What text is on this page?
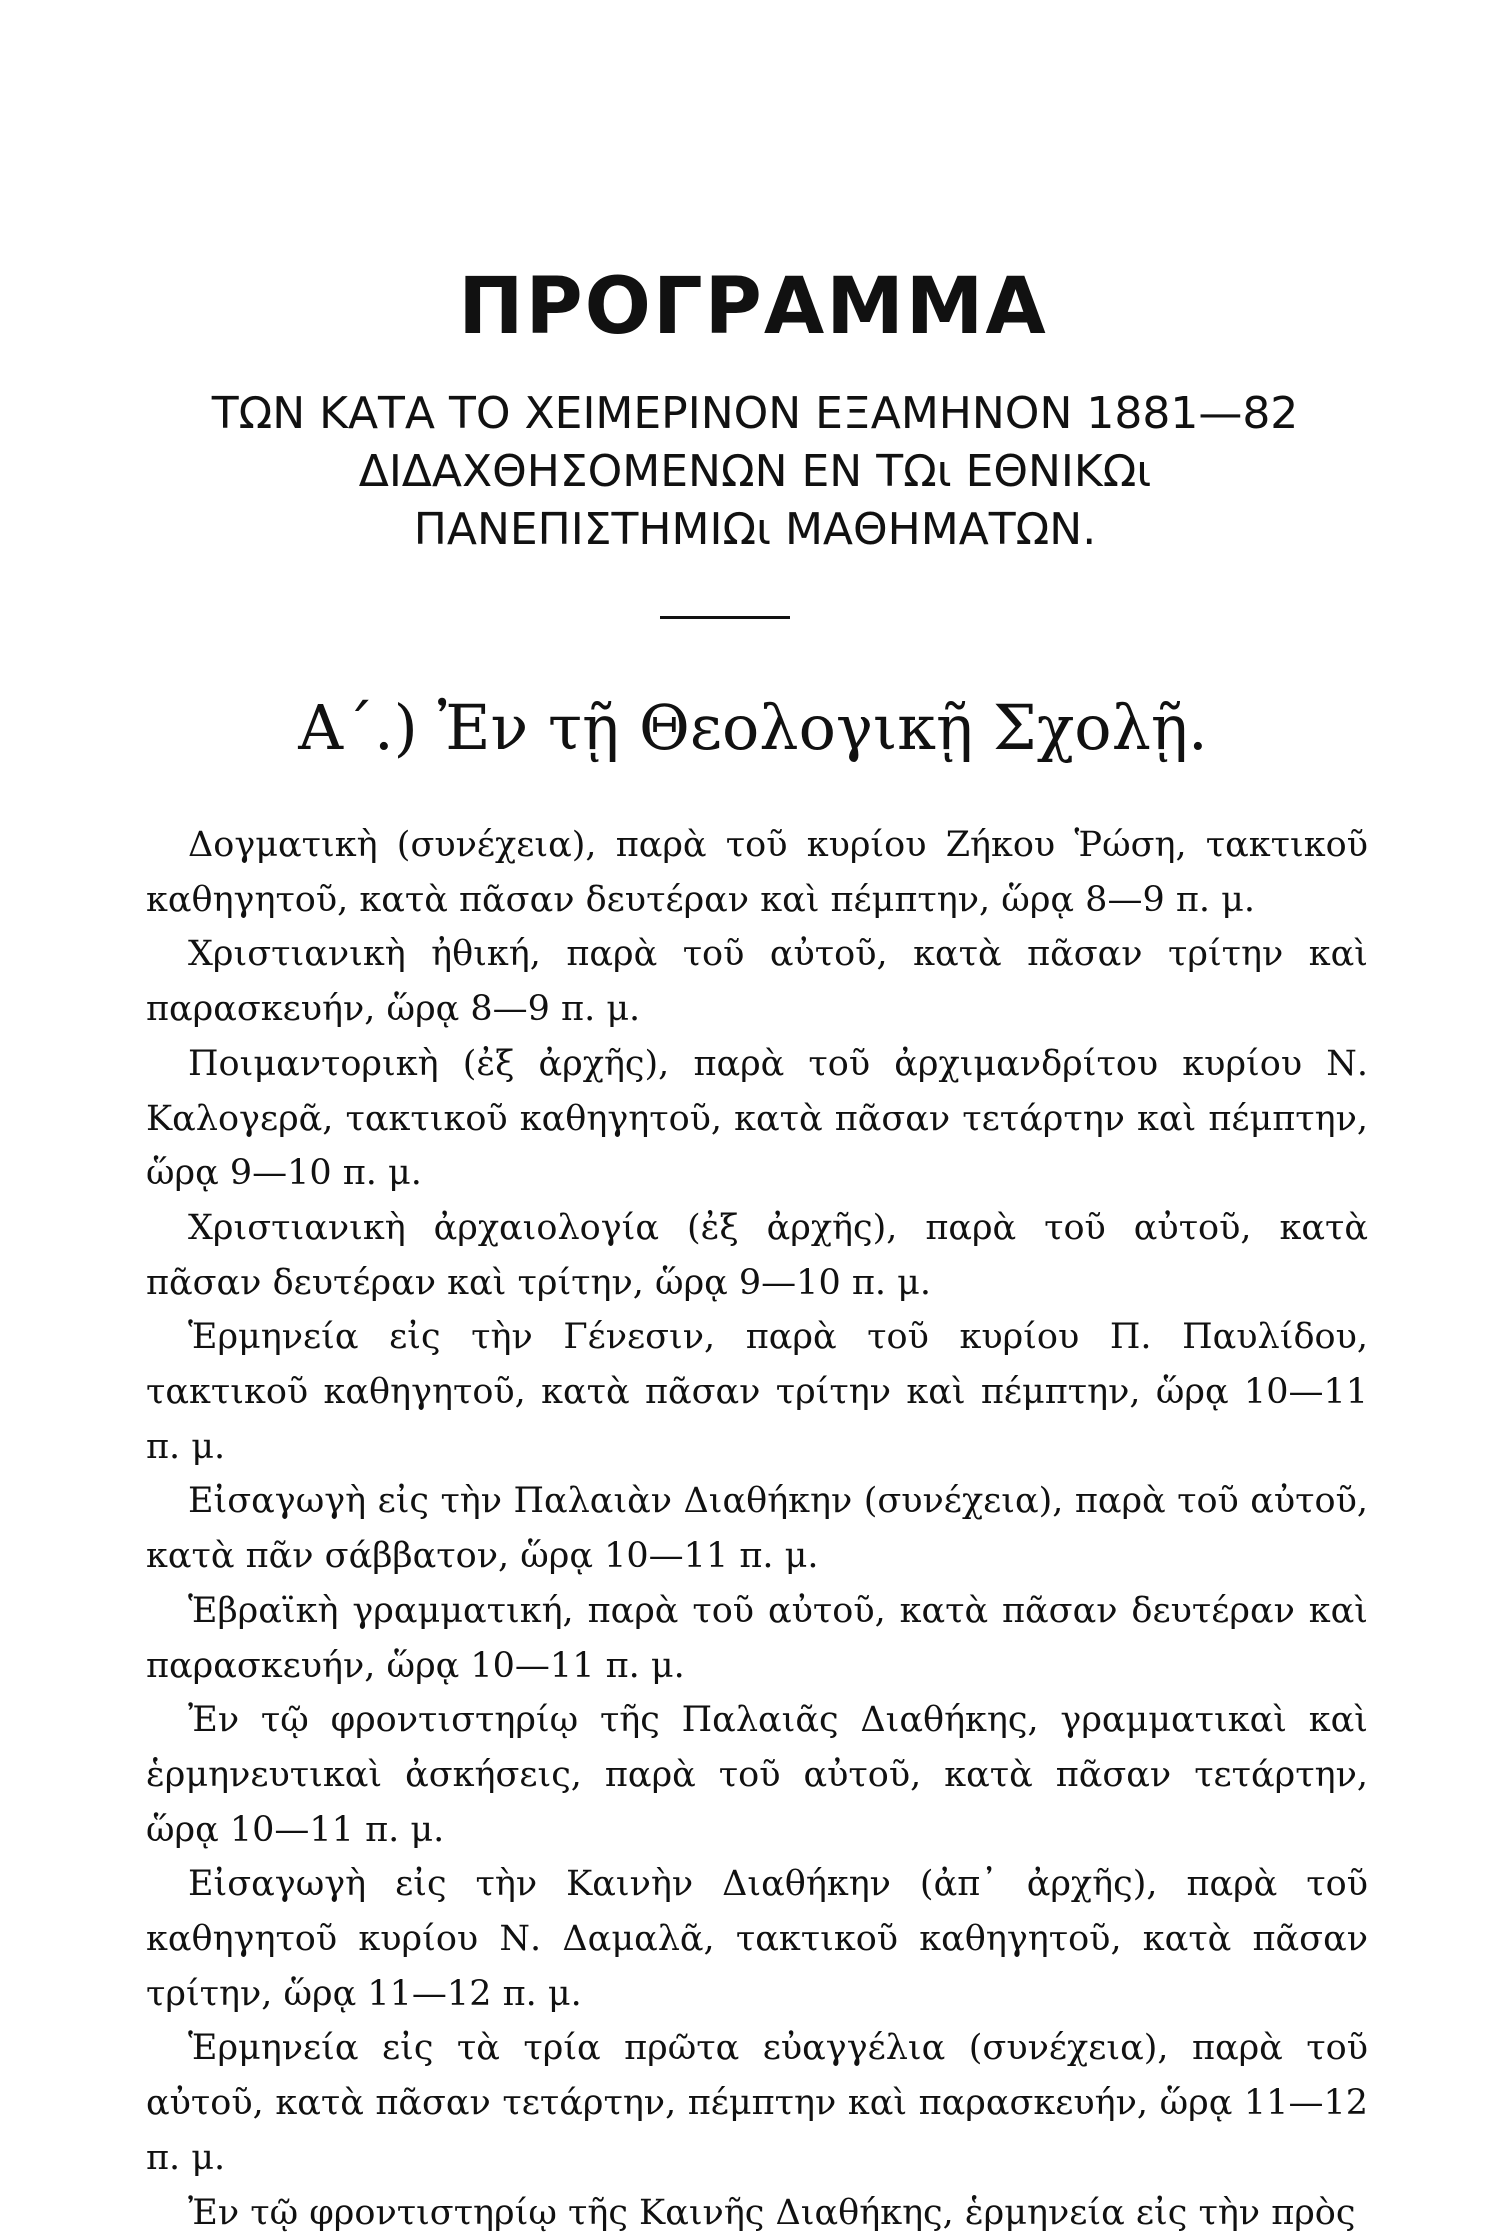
ΠΡΟΓΡΑΜΜΑ
ΤΩΝ ΚΑΤΑ ΤΟ ΧΕΙΜΕΡΙΝΟΝ ΕΞΑΜΗΝΟΝ 1881—82
ΔΙΔΑΧΘΗΣΟΜΕΝΩΝ ΕΝ ΤΩι ΕΘΝΙΚΩι
ΠΑΝΕΠΙΣΤΗΜΙΩι ΜΑΘΗΜΑΤΩΝ.
Α΄.) Ἐν τῇ Θεολογικῇ Σχολῇ.

Δογματικὴ (συνέχεια), παρὰ τοῦ κυρίου Ζήκου Ῥώση, τακτικοῦ καθηγητοῦ, κατὰ πᾶσαν δευτέραν καὶ πέμπτην, ὥρᾳ 8—9 π. μ.

Χριστιανικὴ ἠθική, παρὰ τοῦ αὐτοῦ, κατὰ πᾶσαν τρίτην καὶ παρασκευήν, ὥρᾳ 8—9 π. μ.

Ποιμαντορικὴ (ἐξ ἀρχῆς), παρὰ τοῦ ἀρχιμανδρίτου κυρίου Ν. Καλογερᾶ, τακτικοῦ καθηγητοῦ, κατὰ πᾶσαν τετάρτην καὶ πέμπτην, ὥρᾳ 9—10 π. μ.

Χριστιανικὴ ἀρχαιολογία (ἐξ ἀρχῆς), παρὰ τοῦ αὐτοῦ, κατὰ πᾶσαν δευτέραν καὶ τρίτην, ὥρᾳ 9—10 π. μ.

Ἑρμηνεία εἰς τὴν Γένεσιν, παρὰ τοῦ κυρίου Π. Παυλίδου, τακτικοῦ καθηγητοῦ, κατὰ πᾶσαν τρίτην καὶ πέμπτην, ὥρᾳ 10—11 π. μ.

Εἰσαγωγὴ εἰς τὴν Παλαιὰν Διαθήκην (συνέχεια), παρὰ τοῦ αὐτοῦ, κατὰ πᾶν σάββατον, ὥρᾳ 10—11 π. μ.

Ἑβραϊκὴ γραμματική, παρὰ τοῦ αὐτοῦ, κατὰ πᾶσαν δευτέραν καὶ παρασκευήν, ὥρᾳ 10—11 π. μ.

Ἐν τῷ φροντιστηρίῳ τῆς Παλαιᾶς Διαθήκης, γραμματικαὶ καὶ ἑρμηνευτικαὶ ἀσκήσεις, παρὰ τοῦ αὐτοῦ, κατὰ πᾶσαν τετάρτην, ὥρᾳ 10—11 π. μ.

Εἰσαγωγὴ εἰς τὴν Καινὴν Διαθήκην (ἀπ᾽ ἀρχῆς), παρὰ τοῦ καθηγητοῦ κυρίου Ν. Δαμαλᾶ, τακτικοῦ καθηγητοῦ, κατὰ πᾶσαν τρίτην, ὥρᾳ 11—12 π. μ.

Ἑρμηνεία εἰς τὰ τρία πρῶτα εὐαγγέλια (συνέχεια), παρὰ τοῦ αὐτοῦ, κατὰ πᾶσαν τετάρτην, πέμπτην καὶ παρασκευήν, ὥρᾳ 11—12 π. μ.

Ἐν τῷ φροντιστηρίῳ τῆς Καινῆς Διαθήκης, ἑρμηνεία εἰς τὴν πρὸς
